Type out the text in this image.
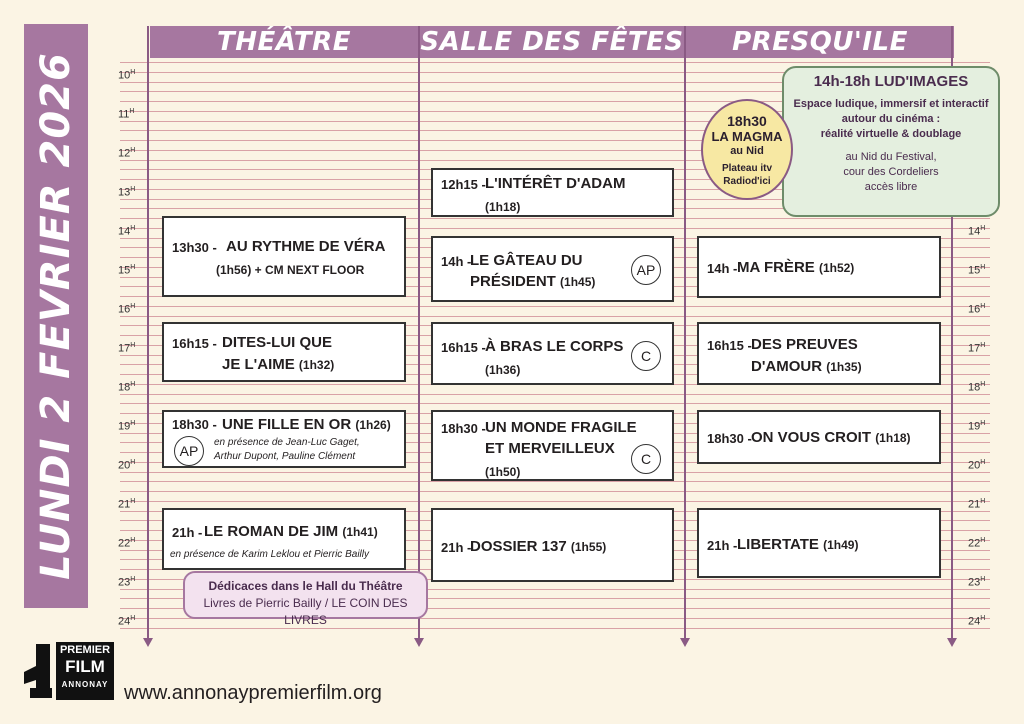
LUNDI 2 FEVRIER 2026
THÉÂTRE	SALLE DES FÊTES	PRESQU'ILE
$10^H$
$11^H$
$12^H$
$13^H$
$14^H$	$14^H$
$15^H$	$15^H$
$16^H$	$16^H$
$17^H$	$17^H$
$18^H$	$18^H$
$19^H$	$19^H$
$20^H$	$20^H$
$21^H$	$21^H$
$22^H$	$22^H$
$23^H$	$23^H$
$24^H$	$24^H$
13h30 - AU RYTHME DE VÉRA
(1h56) + CM NEXT FLOOR
16h15 - DITES-LUI QUE
JE L'AIME (1h32)
18h30 - UNE FILLE EN OR (1h26)
en présence de Jean-Luc Gaget,
Arthur Dupont, Pauline Clément
AP
21h - LE ROMAN DE JIM (1h41)
en présence de Karim Leklou et Pierric Bailly
Dédicaces dans le Hall du Théâtre
Livres de Pierric Bailly / LE COIN DES LIVRES
12h15 - L'INTÉRÊT D'ADAM
(1h18)
14h -
LE GÂTEAU DU
PRÉSIDENT (1h45)
AP
16h15 - À BRAS LE CORPS
(1h36)
C
18h30 - UN MONDE FRAGILE
ET MERVEILLEUX
(1h50)
C
21h -
DOSSIER 137 (1h55)
14h - MA FRÈRE (1h52)
16h15 - DES PREUVES
D'AMOUR (1h35)
18h30 - ON VOUS CROIT (1h18)
21h - LIBERTATE (1h49)
14h-18h LUD'IMAGES
Espace ludique, immersif et interactif
autour du cinéma :
réalité virtuelle & doublage
au Nid du Festival,
cour des Cordeliers
accès libre
18h30
LA MAGMA
au Nid
Plateau itv
Radiod'ici
PREMIER
FILM
ANNONAY www.annonaypremierfilm.org
